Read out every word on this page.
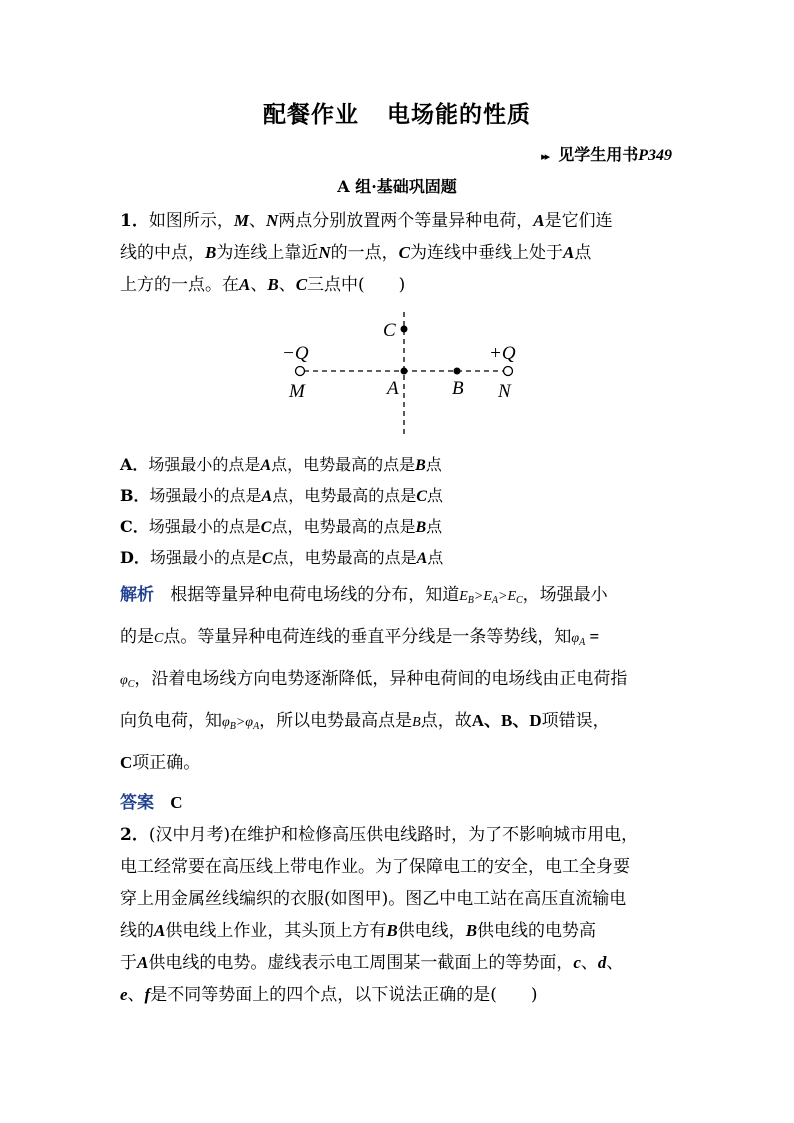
配餐作业 电场能的性质
▸▸ 见学生用书P349
A 组·基础巩固题
1．如图所示，M、N两点分别放置两个等量异种电荷，A是它们连
线的中点，B为连线上靠近N的一点，C为连线中垂线上处于A点
上方的一点。在A、B、C三点中(　　)
C
−Q	+Q
M	A	B N
A．场强最小的点是A点，电势最高的点是B点
B．场强最小的点是A点，电势最高的点是C点
C．场强最小的点是C点，电势最高的点是B点
D．场强最小的点是C点，电势最高的点是A点
解析 根据等量异种电荷电场线的分布，知道$E_B>E_A>E_C$，场强最小
的是C点。等量异种电荷连线的垂直平分线是一条等势线，知$\varphi_A$ =
$\varphi_C$，沿着电场线方向电势逐渐降低，异种电荷间的电场线由正电荷指
向负电荷，知$\varphi_B>\varphi_A$，所以电势最高点是B点，故A、B、D项错误，
C项正确。
答案 C
2．(汉中月考)在维护和检修高压供电线路时，为了不影响城市用电，
电工经常要在高压线上带电作业。为了保障电工的安全，电工全身要
穿上用金属丝线编织的衣服(如图甲)。图乙中电工站在高压直流输电
线的A供电线上作业，其头顶上方有B供电线，B供电线的电势高
于A供电线的电势。虚线表示电工周围某一截面上的等势面，c、d、
e、f是不同等势面上的四个点，以下说法正确的是(　　)
